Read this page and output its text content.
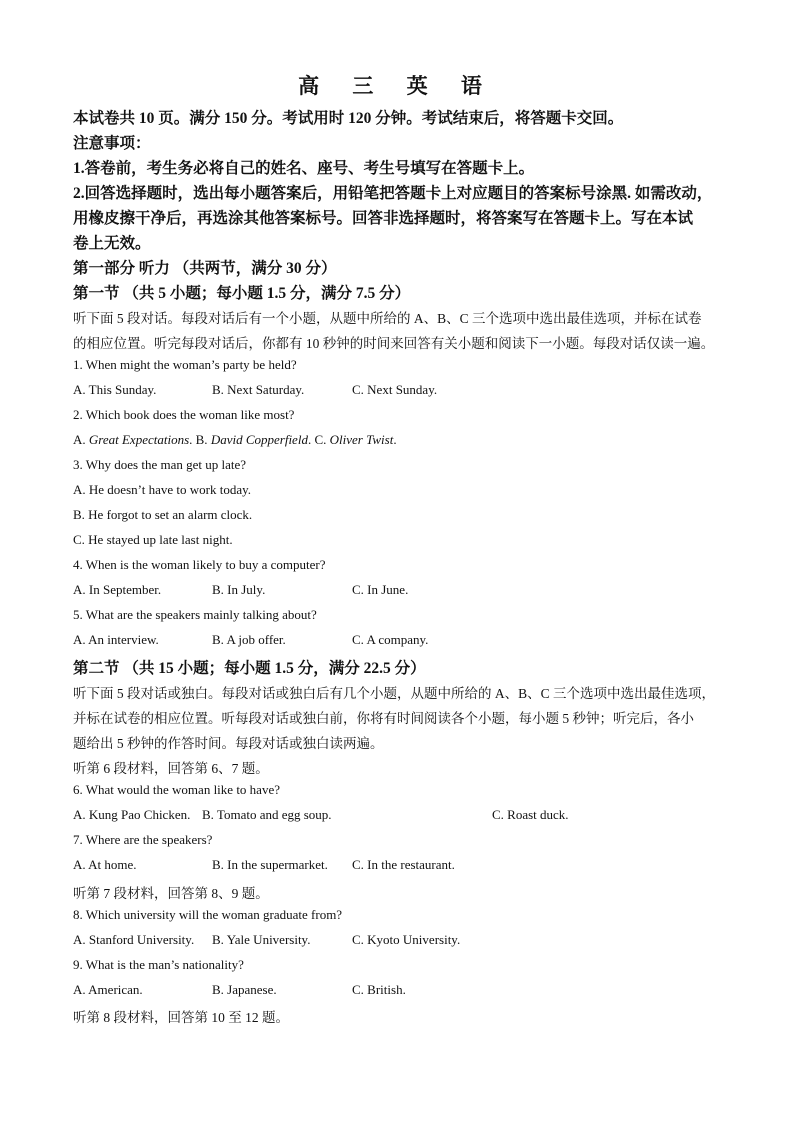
高 三 英 语
本试卷共 10 页。满分 150 分。考试用时 120 分钟。考试结束后，将答题卡交回。
注意事项：
1.答卷前，考生务必将自己的姓名、座号、考生号填写在答题卡上。
2.回答选择题时，选出每小题答案后，用铅笔把答题卡上对应题目的答案标号涂黑. 如需改动，
用橡皮擦干净后，再选涂其他答案标号。回答非选择题时，将答案写在答题卡上。写在本试
卷上无效。
第一部分 听力 （共两节，满分 30 分）
第一节 （共 5 小题；每小题 1.5 分，满分 7.5 分）
听下面 5 段对话。每段对话后有一个小题，从题中所给的 A、B、C 三个选项中选出最佳选项，并标在试卷
的相应位置。听完每段对话后，你都有 10 秒钟的时间来回答有关小题和阅读下一小题。每段对话仅读一遍。
1. When might the woman’s party be held?
A. This Sunday.	B. Next Saturday.	C. Next Sunday.
2. Which book does the woman like most?
A. Great Expectations. B. David Copperfield. C. Oliver Twist.
3. Why does the man get up late?
A. He doesn’t have to work today.
B. He forgot to set an alarm clock.
C. He stayed up late last night.
4. When is the woman likely to buy a computer?
A. In September.	B. In July.	C. In June.
5. What are the speakers mainly talking about?
A. An interview.	B. A job offer.	C. A company.
第二节 （共 15 小题；每小题 1.5 分，满分 22.5 分）
听下面 5 段对话或独白。每段对话或独白后有几个小题，从题中所给的 A、B、C 三个选项中选出最佳选项，
并标在试卷的相应位置。听每段对话或独白前，你将有时间阅读各个小题，每小题 5 秒钟；听完后，各小
题给出 5 秒钟的作答时间。每段对话或独白读两遍。
听第 6 段材料，回答第 6、7 题。
6. What would the woman like to have?
A. Kung Pao Chicken. B. Tomato and egg soup.	C. Roast duck.
7. Where are the speakers?
A. At home.	B. In the supermarket. C. In the restaurant.
听第 7 段材料，回答第 8、9 题。
8. Which university will the woman graduate from?
A. Stanford University. B. Yale University.	C. Kyoto University.
9. What is the man’s nationality?
A. American.	B. Japanese.	C. British.
听第 8 段材料，回答第 10 至 12 题。
